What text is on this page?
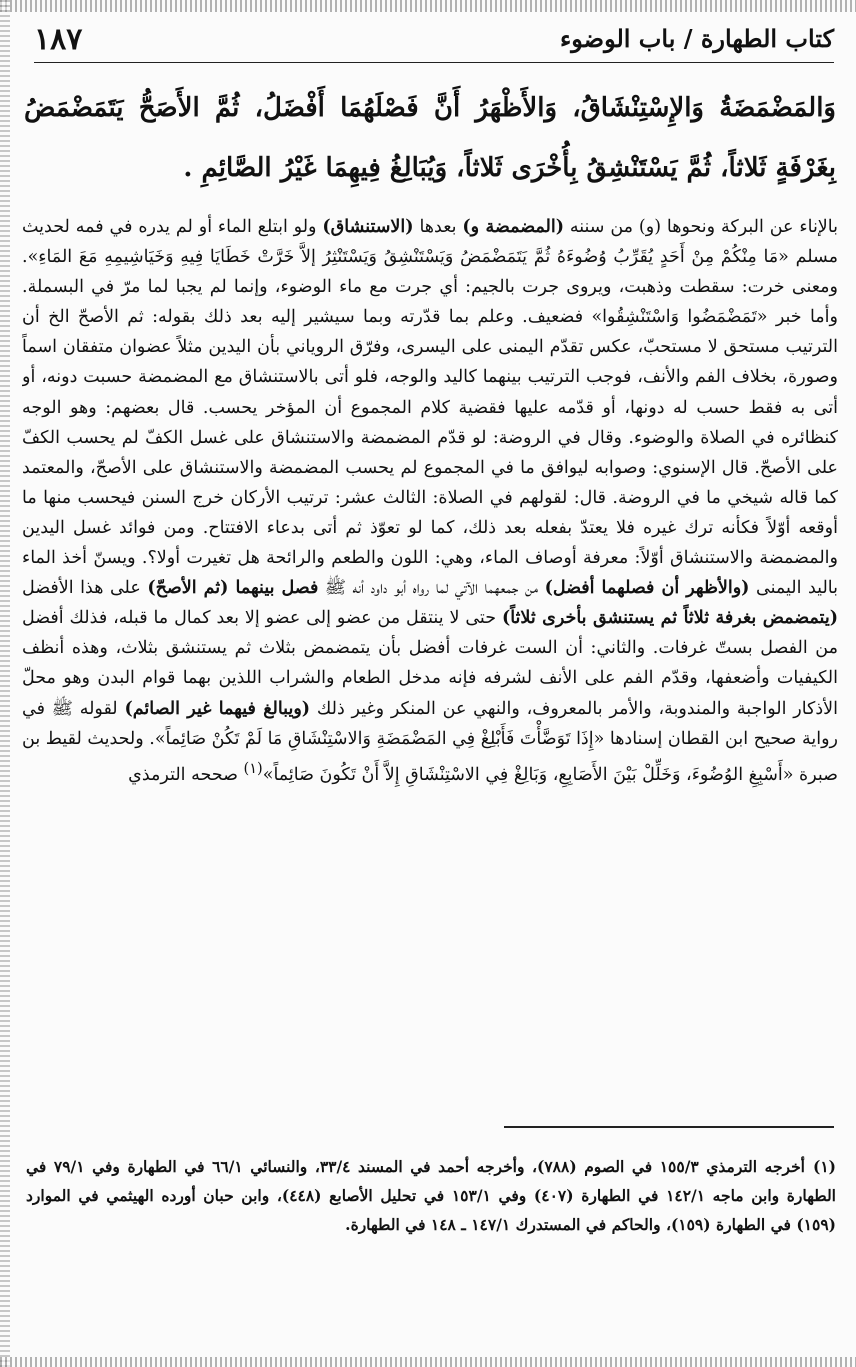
١٨٧	كتاب الطهارة / باب الوضوء
وَالمَضْمَضَةُ وَالإِسْتِنْشَاقُ، وَالأَظْهَرُ أَنَّ فَصْلَهُمَا أَفْضَلُ، ثُمَّ الأَصَحُّ يَتَمَضْمَضُ بِغَرْفَةٍ ثَلاثاً، ثُمَّ يَسْتَنْشِقُ بِأُخْرَى ثَلاثاً، وَيُبَالِغُ فِيهِمَا غَيْرُ الصَّائِمِ .
بالإناء عن البركة ونحوها (و) من سننه (المضمضة و) بعدها (الاستنشاق) ولو ابتلع الماء أو لم يدره في فمه لحديث مسلم «مَا مِنْكُمْ مِنْ أَحَدٍ يُقَرِّبُ وُضُوءَهُ ثُمَّ يَتَمَضْمَضُ وَيَسْتَنْشِقُ وَيَسْتَنْثِرُ إلاَّ خَرَّتْ خَطَايَا فِيهِ وَخَيَاشِيمِهِ مَعَ المَاءِ». ومعنى خرت: سقطت وذهبت، ويروى جرت بالجيم: أي جرت مع ماء الوضوء، وإنما لم يجبا لما مرّ في البسملة. وأما خبر «تَمَضْمَضُوا وَاسْتَنْشِقُوا» فضعيف. وعلم بما قدّرته وبما سيشير إليه بعد ذلك بقوله: ثم الأصحّ الخ أن الترتيب مستحق لا مستحبّ، عكس تقدّم اليمنى على اليسرى، وفرّق الروياني بأن اليدين مثلاً عضوان متفقان اسماً وصورة، بخلاف الفم والأنف، فوجب الترتيب بينهما كاليد والوجه، فلو أتى بالاستنشاق مع المضمضة حسبت دونه، أو أتى به فقط حسب له دونها، أو قدّمه عليها فقضية كلام المجموع أن المؤخر يحسب. قال بعضهم: وهو الوجه كنظائره في الصلاة والوضوء. وقال في الروضة: لو قدّم المضمضة والاستنشاق على غسل الكفّ لم يحسب الكفّ على الأصحّ. قال الإسنوي: وصوابه ليوافق ما في المجموع لم يحسب المضمضة والاستنشاق على الأصحّ، والمعتمد كما قاله شيخي ما في الروضة. قال: لقولهم في الصلاة: الثالث عشر: ترتيب الأركان خرج السنن فيحسب منها ما أوقعه أوّلاً فكأنه ترك غيره فلا يعتدّ بفعله بعد ذلك، كما لو تعوّذ ثم أتى بدعاء الافتتاح. ومن فوائد غسل اليدين والمضمضة والاستنشاق أوّلاً: معرفة أوصاف الماء، وهي: اللون والطعم والرائحة هل تغيرت أولا؟. ويسنّ أخذ الماء باليد اليمنى (والأظهر أن فصلهما أفضل) من جمعهما الآتي لما رواه أبو داود أنه ﷺ فصل بينهما (ثم الأصحّ) على هذا الأفضل (يتمضمض بغرفة ثلاثاً ثم يستنشق بأخرى ثلاثاً) حتى لا ينتقل من عضو إلى عضو إلا بعد كمال ما قبله، فذلك أفضل من الفصل بستّ غرفات. والثاني: أن الست غرفات أفضل بأن يتمضمض بثلاث ثم يستنشق بثلاث، وهذه أنظف الكيفيات وأضعفها، وقدّم الفم على الأنف لشرفه فإنه مدخل الطعام والشراب اللذين بهما قوام البدن وهو محلّ الأذكار الواجبة والمندوبة، والأمر بالمعروف، والنهي عن المنكر وغير ذلك (ويبالغ فيهما غير الصائم) لقوله ﷺ في رواية صحيح ابن القطان إسنادها «إِذَا تَوَضَّأْتَ فَأَبْلِغْ فِي المَضْمَضَةِ وَالاسْتِنْشَاقِ مَا لَمْ تَكُنْ صَائِماً». ولحديث لقيط بن صبرة «أَسْبِغِ الوُضُوءَ، وَخَلِّلْ بَيْنَ الأَصَابِعِ، وَبَالِغْ فِي الاسْتِنْشَاقِ إِلاَّ أَنْ تَكُونَ صَائِماً»$^{(١)}$ صححه الترمذي
(١)أخرجه الترمذي ١٥٥/٣ في الصوم (٧٨٨)، وأخرجه أحمد في المسند ٣٣/٤، والنسائي ٦٦/١ في الطهارة وفي ٧٩/١ في الطهارة وابن ماجه ١٤٢/١ في الطهارة (٤٠٧) وفي ١٥٣/١ في تحليل الأصابع (٤٤٨)، وابن حبان أورده الهيثمي في الموارد (١٥٩) في الطهارة (١٥٩)، والحاكم في المستدرك ١٤٧/١ ـ ١٤٨ في الطهارة.
